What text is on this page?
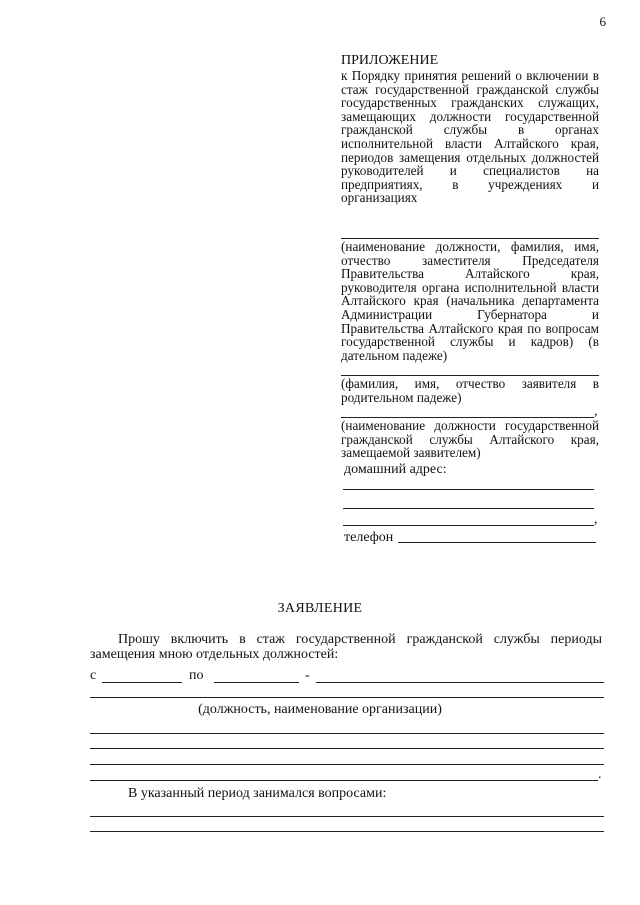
6
ПРИЛОЖЕНИЕ
к Порядку принятия решений о включении в стаж государственной гражданской службы государственных гражданских служащих, замещающих должности государственной гражданской службы в органах исполнительной власти Алтайского края, периодов замещения отдельных должностей руководителей и специалистов на предприятиях, в учреждениях и организациях
(наименование должности, фамилия, имя, отчество заместителя Председателя Правительства Алтайского края, руководителя органа исполнительной власти Алтайского края (начальника департамента Администрации Губернатора и Правительства Алтайского края по вопросам государственной службы и кадров) (в дательном падеже)
(фамилия, имя, отчество заявителя в родительном падеже)
,
(наименование должности государственной гражданской службы Алтайского края, замещаемой заявителем)
домашний адрес:
,
телефон
ЗАЯВЛЕНИЕ
Прошу включить в стаж государственной гражданской службы периоды замещения мною отдельных должностей:
с	по	-
(должность, наименование организации)
.
В указанный период занимался вопросами:
